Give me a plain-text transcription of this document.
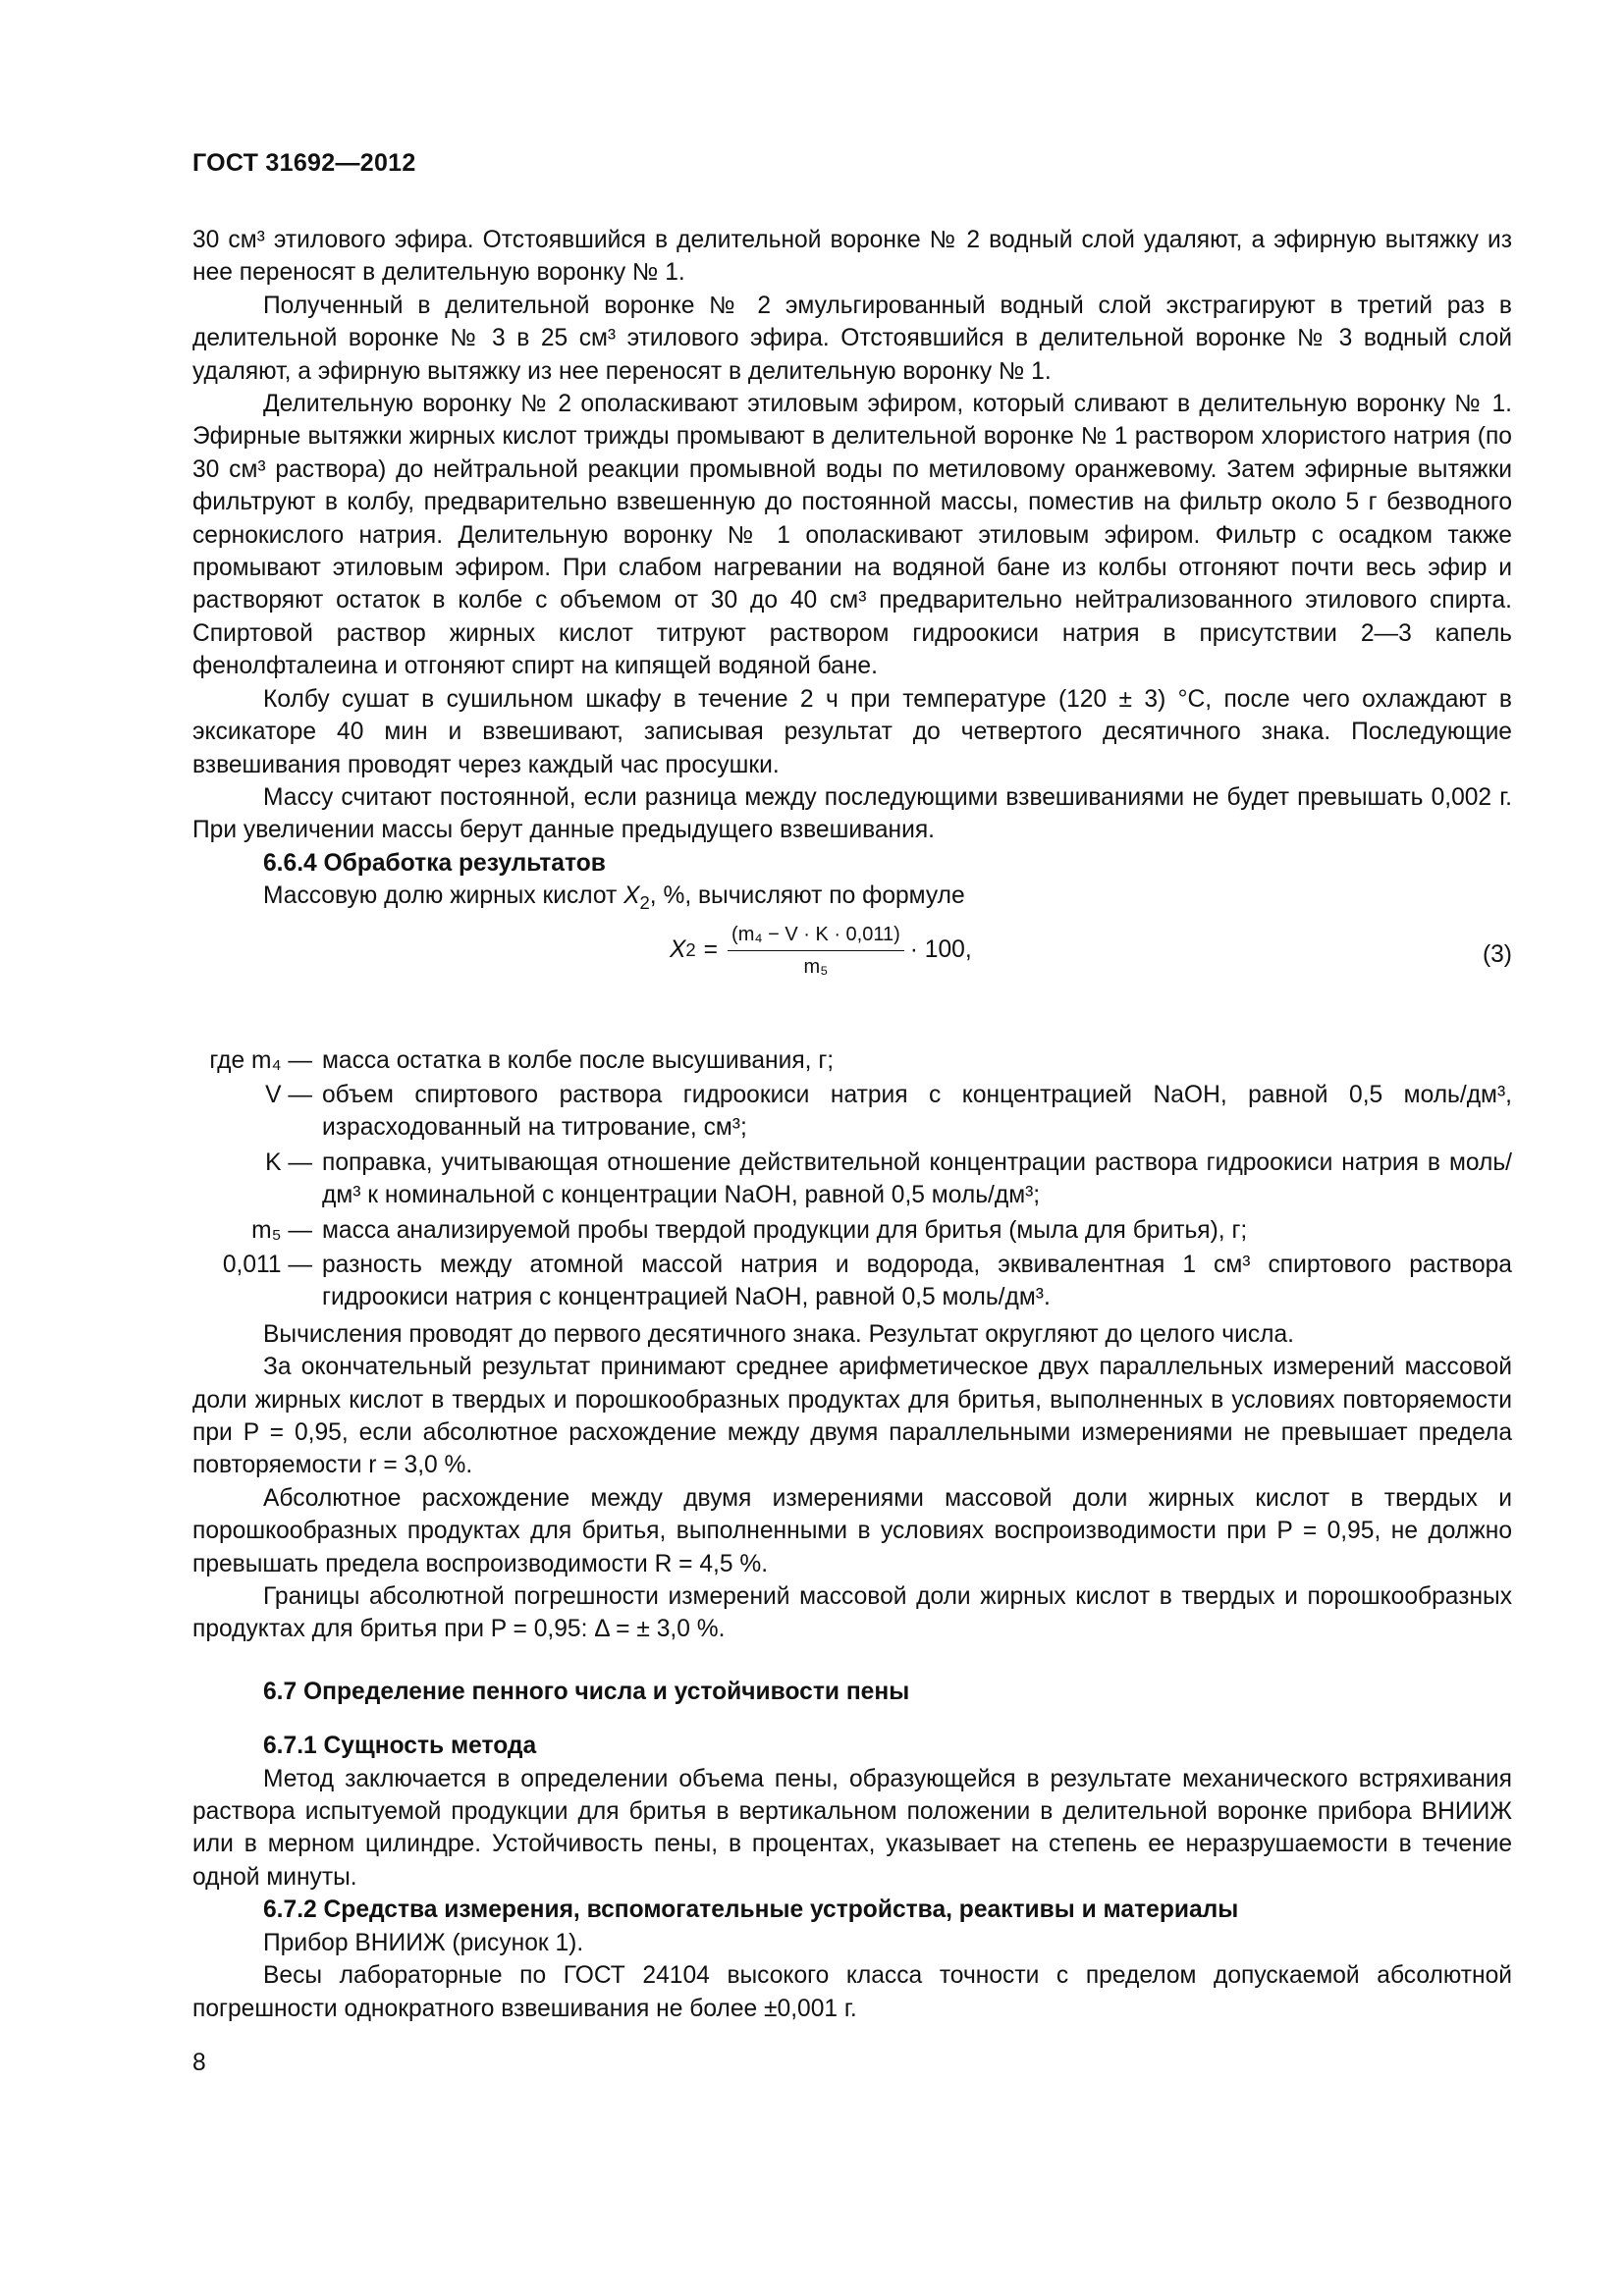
ГОСТ 31692—2012

30 см³ этилового эфира. Отстоявшийся в делительной воронке № 2 водный слой удаляют, а эфирную вытяжку из нее переносят в делительную воронку № 1.

Полученный в делительной воронке № 2 эмульгированный водный слой экстрагируют в третий раз в делительной воронке № 3 в 25 см³ этилового эфира. Отстоявшийся в делительной воронке № 3 водный слой удаляют, а эфирную вытяжку из нее переносят в делительную воронку № 1.

Делительную воронку № 2 ополаскивают этиловым эфиром, который сливают в делительную воронку № 1. Эфирные вытяжки жирных кислот трижды промывают в делительной воронке № 1 раствором хлористого натрия (по 30 см³ раствора) до нейтральной реакции промывной воды по метиловому оранжевому. Затем эфирные вытяжки фильтруют в колбу, предварительно взвешенную до постоянной массы, поместив на фильтр около 5 г безводного сернокислого натрия. Делительную воронку № 1 ополаскивают этиловым эфиром. Фильтр с осадком также промывают этиловым эфиром. При слабом нагревании на водяной бане из колбы отгоняют почти весь эфир и растворяют остаток в колбе с объемом от 30 до 40 см³ предварительно нейтрализованного этилового спирта. Спиртовой раствор жирных кислот титруют раствором гидроокиси натрия в присутствии 2—3 капель фенолфталеина и отгоняют спирт на кипящей водяной бане.

Колбу сушат в сушильном шкафу в течение 2 ч при температуре (120 ± 3) °С, после чего охлаждают в эксикаторе 40 мин и взвешивают, записывая результат до четвертого десятичного знака. Последующие взвешивания проводят через каждый час просушки.

Массу считают постоянной, если разница между последующими взвешиваниями не будет превышать 0,002 г. При увеличении массы берут данные предыдущего взвешивания.

6.6.4 Обработка результатов

Массовую долю жирных кислот $X_2$, %, вычисляют по формуле

X $2 = \frac{\text{(m₄ − V · K · 0,011)}}{\text{m₅}} \cdot 100$,	(3)
где m₄ — масса остатка в колбе после высушивания, г;
V — объем спиртового раствора гидроокиси натрия с концентрацией NaOH, равной 0,5 моль/дм³, израсходованный на титрование, см³;
K — поправка, учитывающая отношение действительной концентрации раствора гидроокиси натрия в моль/дм³ к номинальной с концентрации NaOH, равной 0,5 моль/дм³;
m₅ — масса анализируемой пробы твердой продукции для бритья (мыла для бритья), г;
0,011 — разность между атомной массой натрия и водорода, эквивалентная 1 см³ спиртового раствора гидроокиси натрия с концентрацией NaOH, равной 0,5 моль/дм³.

Вычисления проводят до первого десятичного знака. Результат округляют до целого числа.

За окончательный результат принимают среднее арифметическое двух параллельных измерений массовой доли жирных кислот в твердых и порошкообразных продуктах для бритья, выполненных в условиях повторяемости при P = 0,95, если абсолютное расхождение между двумя параллельными измерениями не превышает предела повторяемости r = 3,0 %.

Абсолютное расхождение между двумя измерениями массовой доли жирных кислот в твердых и порошкообразных продуктах для бритья, выполненными в условиях воспроизводимости при P = 0,95, не должно превышать предела воспроизводимости R = 4,5 %.

Границы абсолютной погрешности измерений массовой доли жирных кислот в твердых и порошкообразных продуктах для бритья при P = 0,95: Δ = ± 3,0 %.

6.7 Определение пенного числа и устойчивости пены

6.7.1 Сущность метода

Метод заключается в определении объема пены, образующейся в результате механического встряхивания раствора испытуемой продукции для бритья в вертикальном положении в делительной воронке прибора ВНИИЖ или в мерном цилиндре. Устойчивость пены, в процентах, указывает на степень ее неразрушаемости в течение одной минуты.

6.7.2 Средства измерения, вспомогательные устройства, реактивы и материалы

Прибор ВНИИЖ (рисунок 1).

Весы лабораторные по ГОСТ 24104 высокого класса точности с пределом допускаемой абсолютной погрешности однократного взвешивания не более ±0,001 г.

8
